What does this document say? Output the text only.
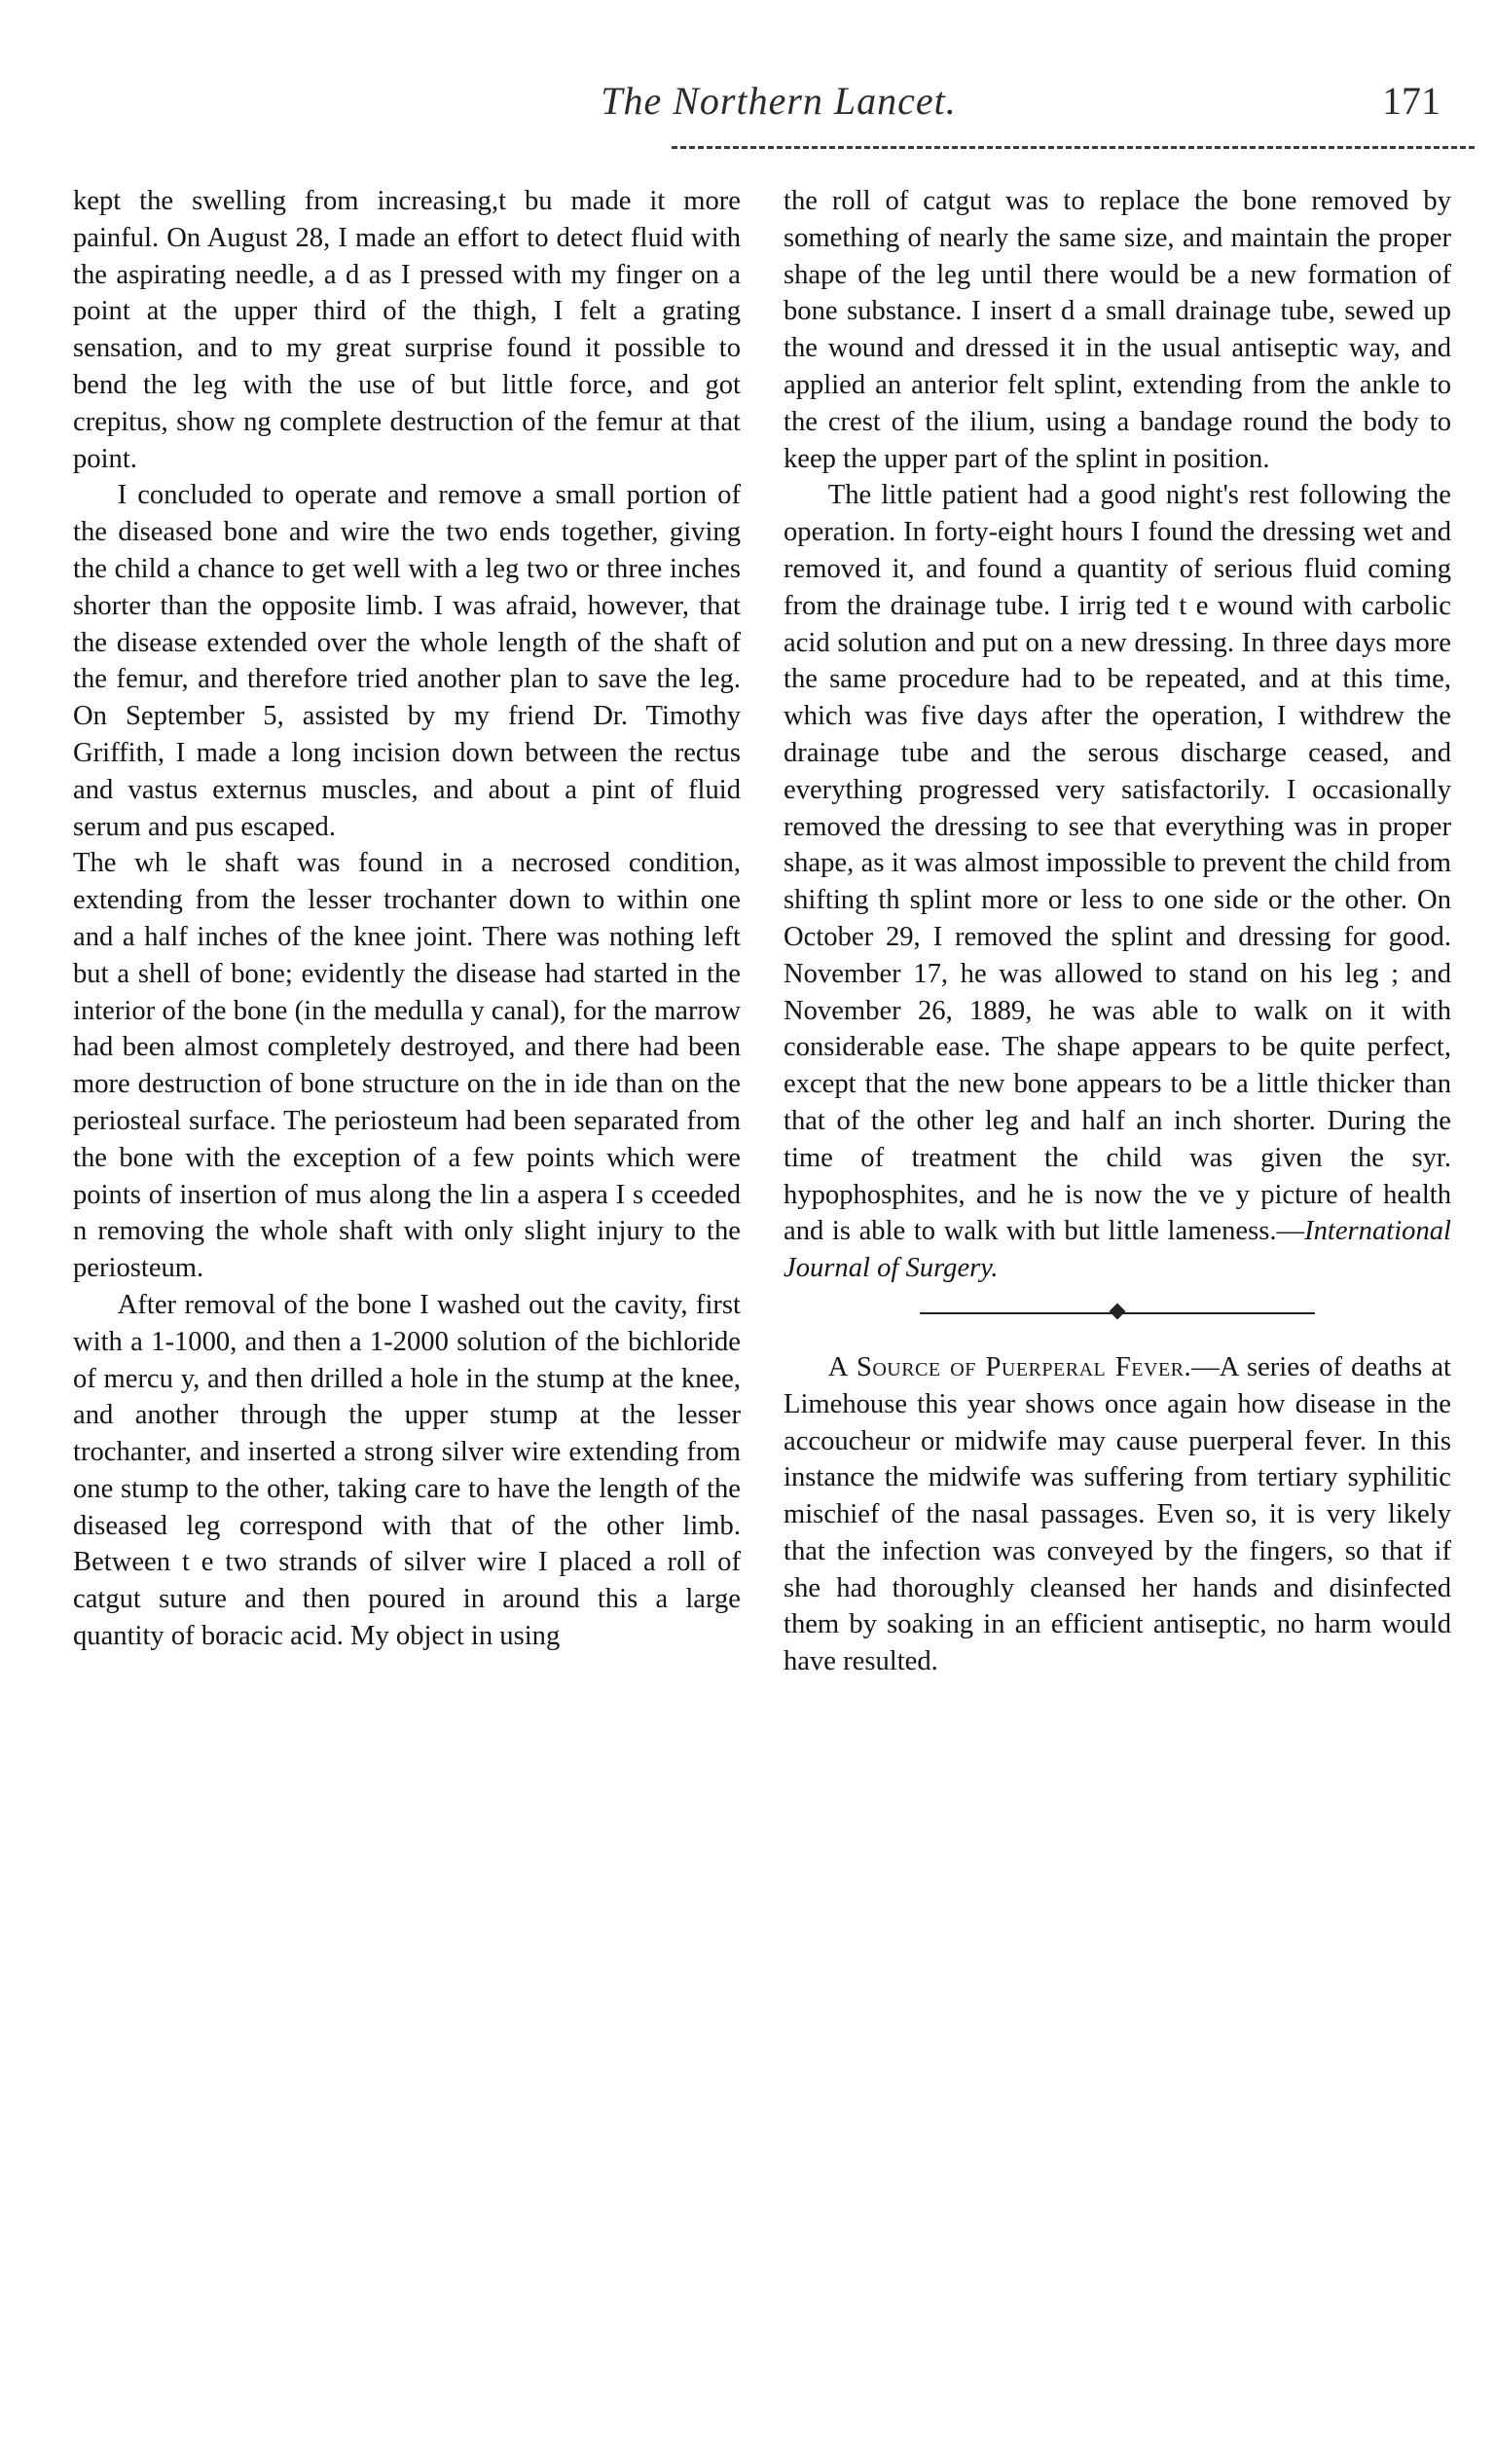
The Northern Lancet.	171

kept the swelling from increasing,t bu made it more painful. On August 28, I made an effort to detect fluid with the aspirating needle, a d as I pressed with my finger on a point at the upper third of the thigh, I felt a grating sensation, and to my great surprise found it possible to bend the leg with the use of but little force, and got crepitus, show ng complete destruction of the femur at that point.

I concluded to operate and remove a small portion of the diseased bone and wire the two ends together, giving the child a chance to get well with a leg two or three inches shorter than the opposite limb. I was afraid, however, that the disease extended over the whole length of the shaft of the femur, and therefore tried another plan to save the leg. On September 5, assisted by my friend Dr. Timothy Griffith, I made a long incision down between the rectus and vastus externus muscles, and about a pint of fluid serum and pus escaped.

The wh le shaft was found in a necrosed condition, extending from the lesser trochanter down to within one and a half inches of the knee joint. There was nothing left but a shell of bone; evidently the disease had started in the interior of the bone (in the medulla y canal), for the marrow had been almost completely destroyed, and there had been more destruction of bone structure on the in ide than on the periosteal surface. The periosteum had been separated from the bone with the exception of a few points which were points of insertion of mus along the lin a aspera I s cceeded n removing the whole shaft with only slight injury to the periosteum.

After removal of the bone I washed out the cavity, first with a 1-1000, and then a 1-2000 solution of the bichloride of mercu y, and then drilled a hole in the stump at the knee, and another through the upper stump at the lesser trochanter, and inserted a strong silver wire extending from one stump to the other, taking care to have the length of the diseased leg correspond with that of the other limb. Between t e two strands of silver wire I placed a roll of catgut suture and then poured in around this a large quantity of boracic acid. My object in using

the roll of catgut was to replace the bone removed by something of nearly the same size, and maintain the proper shape of the leg until there would be a new formation of bone substance. I insert d a small drainage tube, sewed up the wound and dressed it in the usual antiseptic way, and applied an anterior felt splint, extending from the ankle to the crest of the ilium, using a bandage round the body to keep the upper part of the splint in position.

The little patient had a good night's rest following the operation. In forty-eight hours I found the dressing wet and removed it, and found a quantity of serious fluid coming from the drainage tube. I irrig ted t e wound with carbolic acid solution and put on a new dressing. In three days more the same procedure had to be repeated, and at this time, which was five days after the operation, I withdrew the drainage tube and the serous discharge ceased, and everything progressed very satisfactorily. I occasionally removed the dressing to see that everything was in proper shape, as it was almost impossible to prevent the child from shifting th splint more or less to one side or the other. On October 29, I removed the splint and dressing for good. November 17, he was allowed to stand on his leg ; and November 26, 1889, he was able to walk on it with considerable ease. The shape appears to be quite perfect, except that the new bone appears to be a little thicker than that of the other leg and half an inch shorter. During the time of treatment the child was given the syr. hypophosphites, and he is now the ve y picture of health and is able to walk with but little lameness.—International Journal of Surgery.

A Source of Puerperal Fever.—A series of deaths at Limehouse this year shows once again how disease in the accoucheur or midwife may cause puerperal fever. In this instance the midwife was suffering from tertiary syphilitic mischief of the nasal passages. Even so, it is very likely that the infection was conveyed by the fingers, so that if she had thoroughly cleansed her hands and disinfected them by soaking in an efficient antiseptic, no harm would have resulted.
